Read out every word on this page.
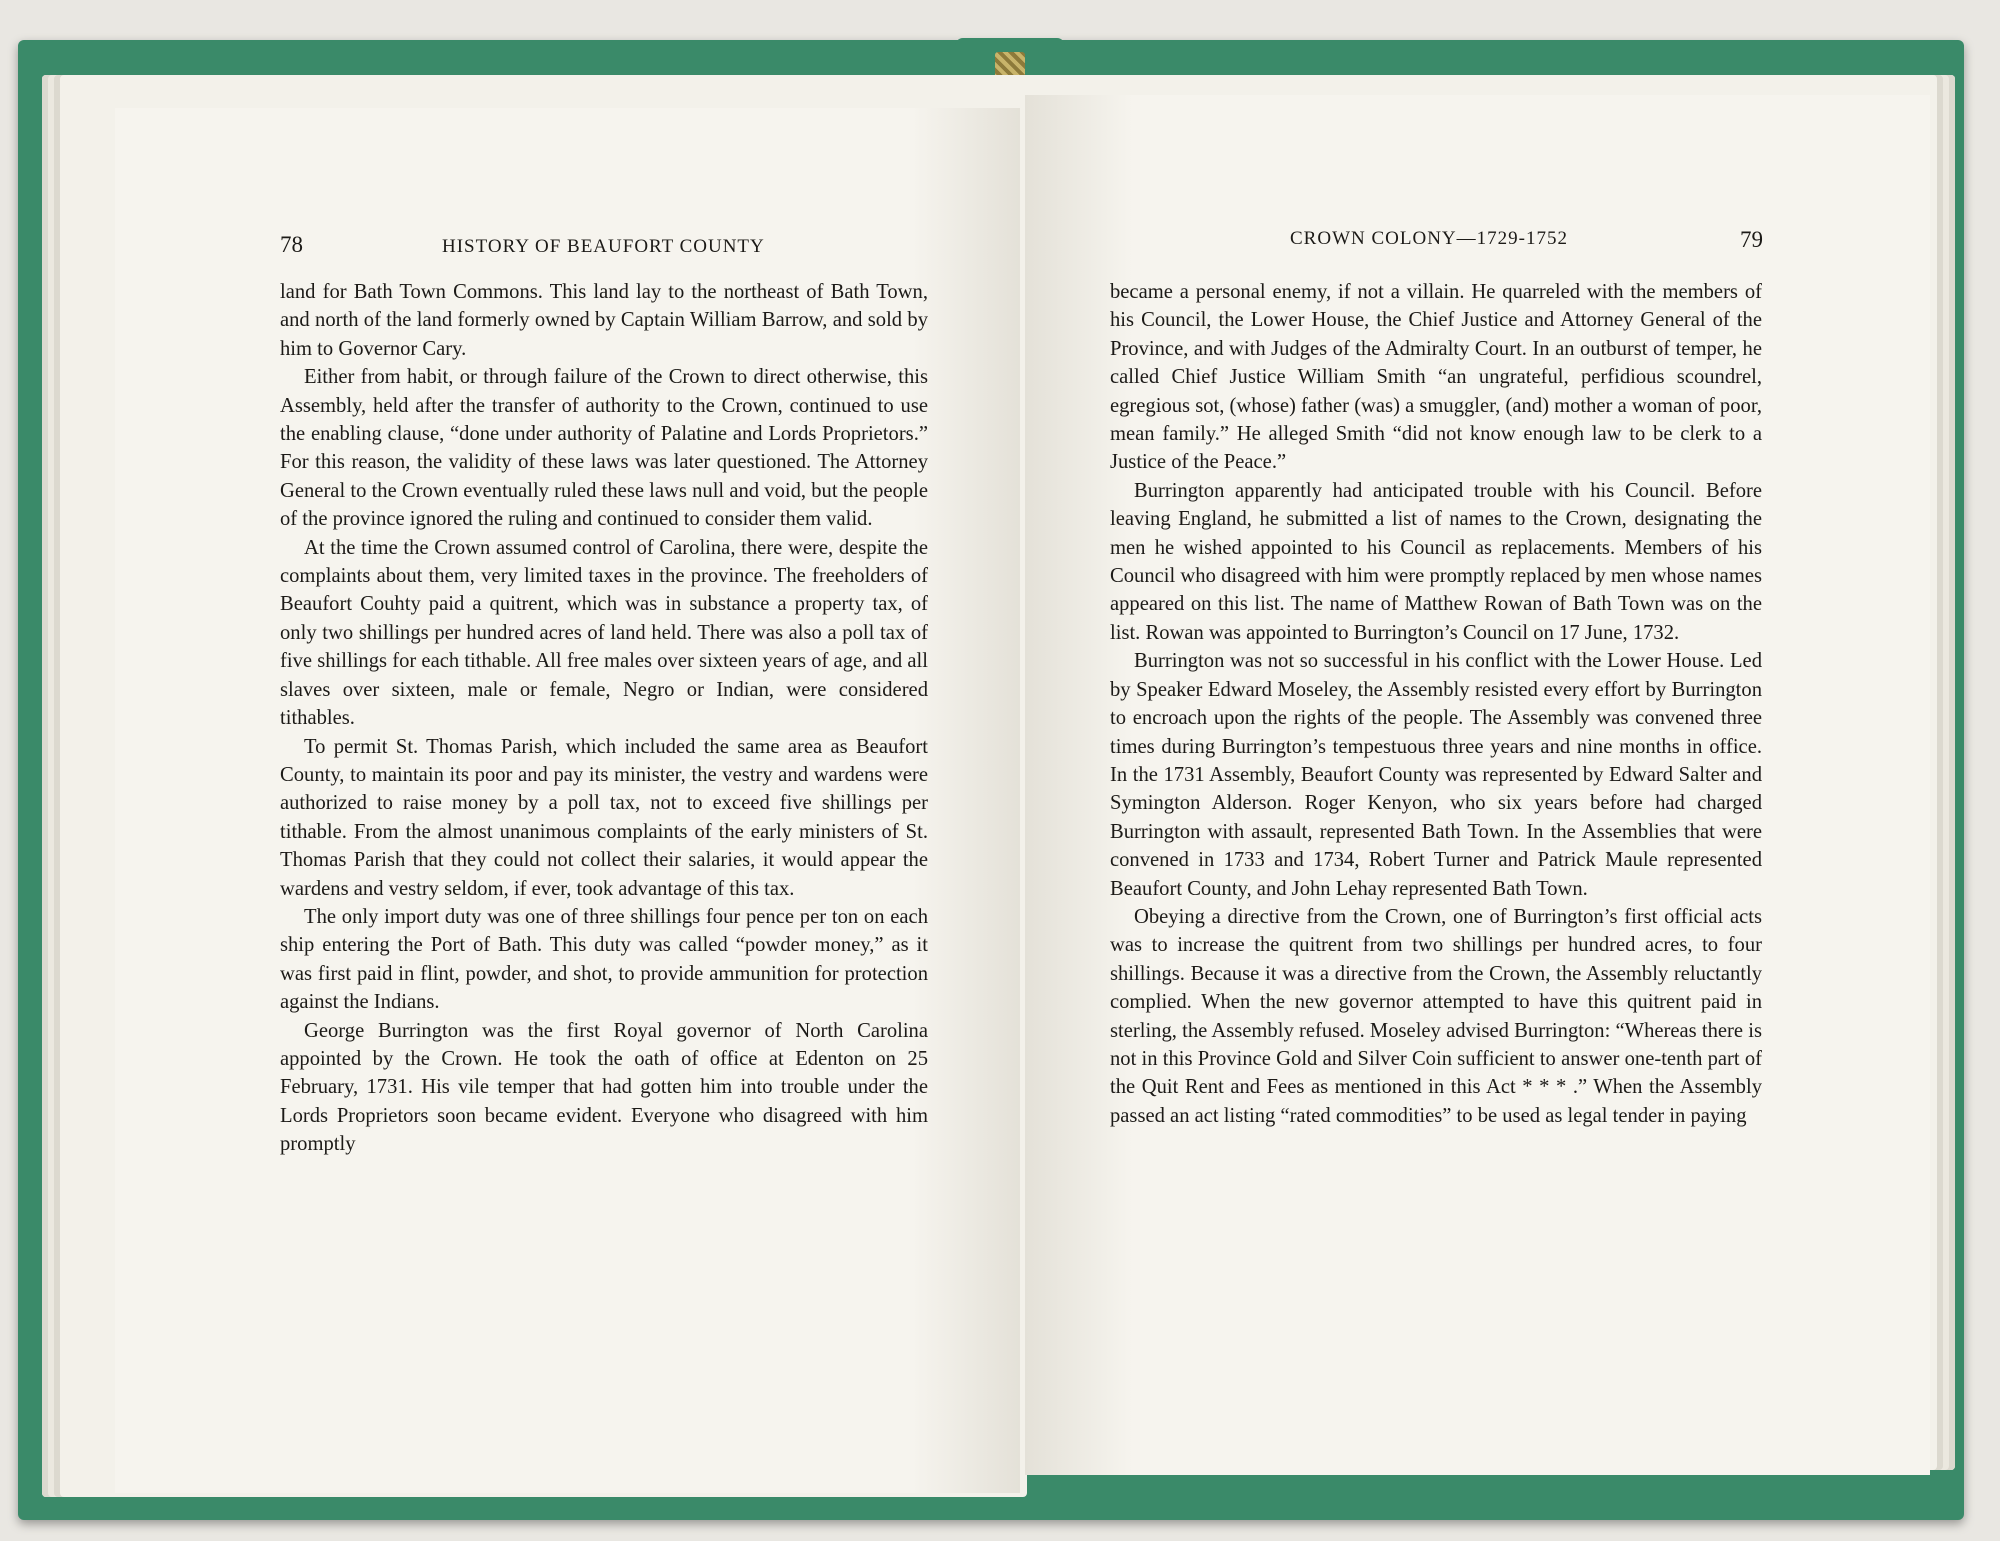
78	HISTORY OF BEAUFORT COUNTY

land for Bath Town Commons. This land lay to the northeast of Bath Town, and north of the land formerly owned by Captain William Barrow, and sold by him to Governor Cary.

Either from habit, or through failure of the Crown to direct otherwise, this Assembly, held after the transfer of authority to the Crown, continued to use the enabling clause, “done under authority of Palatine and Lords Proprietors.” For this reason, the validity of these laws was later questioned. The Attorney General to the Crown eventually ruled these laws null and void, but the people of the province ignored the ruling and continued to consider them valid.

At the time the Crown assumed control of Carolina, there were, despite the complaints about them, very limited taxes in the province. The freeholders of Beaufort Couhty paid a quitrent, which was in substance a property tax, of only two shillings per hundred acres of land held. There was also a poll tax of five shillings for each tithable. All free males over sixteen years of age, and all slaves over sixteen, male or female, Negro or Indian, were considered tithables.

To permit St. Thomas Parish, which included the same area as Beaufort County, to maintain its poor and pay its minister, the vestry and wardens were authorized to raise money by a poll tax, not to exceed five shillings per tithable. From the almost unanimous complaints of the early ministers of St. Thomas Parish that they could not collect their salaries, it would appear the wardens and vestry seldom, if ever, took advantage of this tax.

The only import duty was one of three shillings four pence per ton on each ship entering the Port of Bath. This duty was called “powder money,” as it was first paid in flint, powder, and shot, to provide ammunition for protection against the Indians.

George Burrington was the first Royal governor of North Carolina appointed by the Crown. He took the oath of office at Edenton on 25 February, 1731. His vile temper that had gotten him into trouble under the Lords Proprietors soon became evident. Everyone who disagreed with him promptly

CROWN COLONY—1729-1752	79

became a personal enemy, if not a villain. He quarreled with the members of his Council, the Lower House, the Chief Justice and Attorney General of the Province, and with Judges of the Admiralty Court. In an outburst of temper, he called Chief Justice William Smith “an ungrateful, perfidious scoundrel, egregious sot, (whose) father (was) a smuggler, (and) mother a woman of poor, mean family.” He alleged Smith “did not know enough law to be clerk to a Justice of the Peace.”

Burrington apparently had anticipated trouble with his Council. Before leaving England, he submitted a list of names to the Crown, designating the men he wished appointed to his Council as replacements. Members of his Council who disagreed with him were promptly replaced by men whose names appeared on this list. The name of Matthew Rowan of Bath Town was on the list. Rowan was appointed to Burrington’s Council on 17 June, 1732.

Burrington was not so successful in his conflict with the Lower House. Led by Speaker Edward Moseley, the Assembly resisted every effort by Burrington to encroach upon the rights of the people. The Assembly was convened three times during Burrington’s tempestuous three years and nine months in office. In the 1731 Assembly, Beaufort County was represented by Edward Salter and Symington Alderson. Roger Kenyon, who six years before had charged Burrington with assault, represented Bath Town. In the Assemblies that were convened in 1733 and 1734, Robert Turner and Patrick Maule represented Beaufort County, and John Lehay represented Bath Town.

Obeying a directive from the Crown, one of Burrington’s first official acts was to increase the quitrent from two shillings per hundred acres, to four shillings. Because it was a directive from the Crown, the Assembly reluctantly complied. When the new governor attempted to have this quitrent paid in sterling, the Assembly refused. Moseley advised Burrington: “Whereas there is not in this Province Gold and Silver Coin sufficient to answer one-tenth part of the Quit Rent and Fees as mentioned in this Act * * * .” When the Assembly passed an act listing “rated commodities” to be used as legal tender in paying
